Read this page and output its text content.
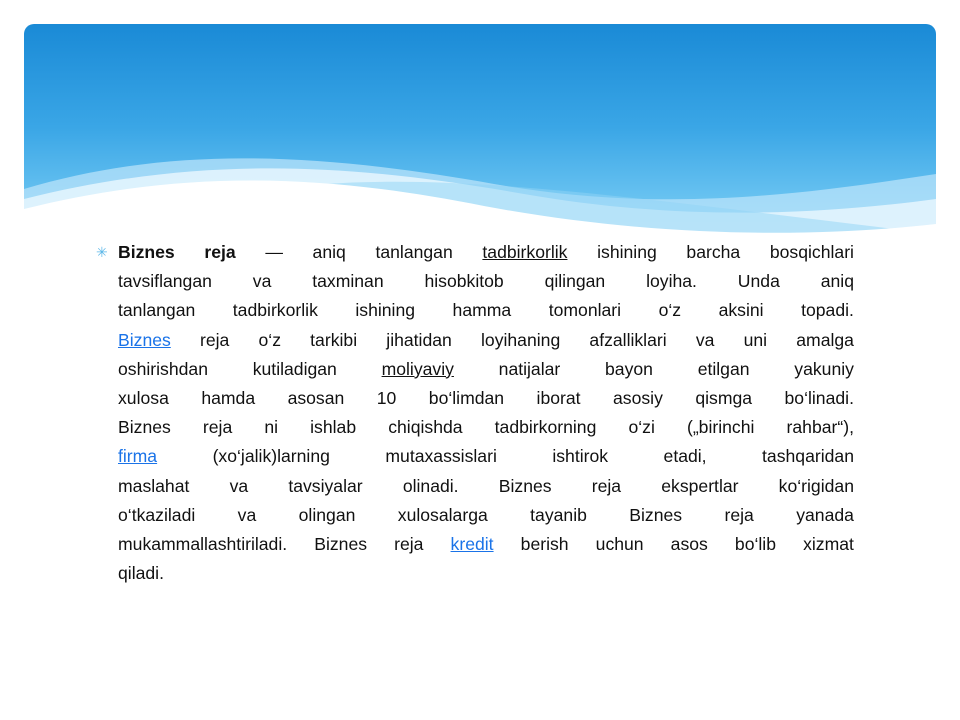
✳ Biznes reja — aniq tanlangan tadbirkorlik ishining barcha bosqichlari
tavsiflangan va taxminan hisobkitob qilingan loyiha. Unda aniq
tanlangan tadbirkorlik ishining hamma tomonlari o‘z aksini topadi.
Biznes reja o‘z tarkibi jihatidan loyihaning afzalliklari va uni amalga
oshirishdan	kutiladigan	moliyaviy	natijalar	bayon	etilgan	yakuniy
xulosa hamda asosan 10 bo‘limdan iborat asosiy qismga bo‘linadi.
Biznes reja ni ishlab chiqishda tadbirkorning o‘zi („birinchi rahbar“),
firma	(xo‘jalik)larning	mutaxassislari	ishtirok	etadi,	tashqaridan
maslahat va tavsiyalar olinadi. Biznes reja ekspertlar ko‘rigidan
o‘tkaziladi va olingan xulosalarga tayanib Biznes reja yanada
mukammallashtiriladi. Biznes reja kredit berish uchun asos bo‘lib xizmat
qiladi.
